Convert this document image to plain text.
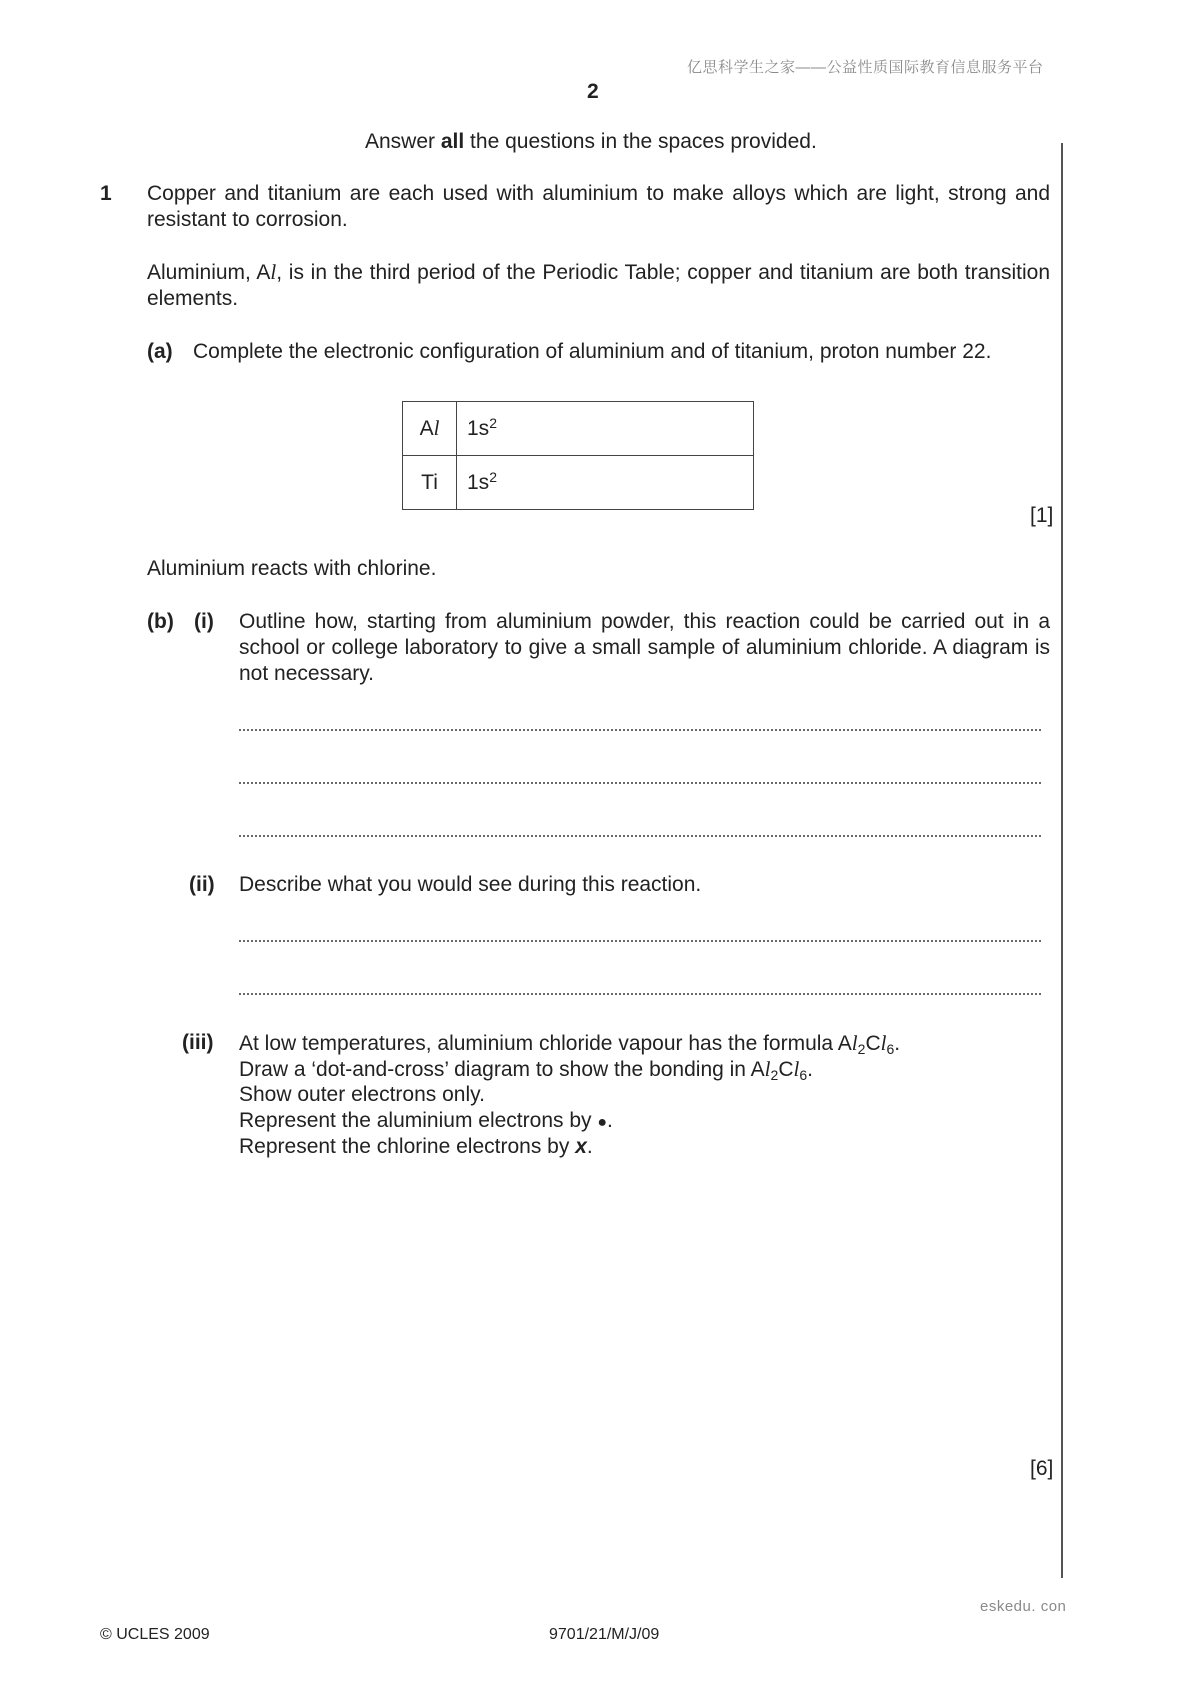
亿思科学生之家——公益性质国际教育信息服务平台
2
Answer all the questions in the spaces provided.
1 Copper and titanium are each used with aluminium to make alloys which are light, strong and resistant to corrosion.
Aluminium, Al, is in the third period of the Periodic Table; copper and titanium are both transition elements.
(a) Complete the electronic configuration of aluminium and of titanium, proton number 22.
Al	$1s^2$
Ti	$1s^2$
[1]
Aluminium reacts with chlorine.
(b) (i) Outline how, starting from aluminium powder, this reaction could be carried out in a school or college laboratory to give a small sample of aluminium chloride. A diagram is not necessary.
(ii) Describe what you would see during this reaction.
(iii) At low temperatures, aluminium chloride vapour has the formula $Al_2Cl_6$.
Draw a ‘dot-and-cross’ diagram to show the bonding in $Al_2Cl_6$.
Show outer electrons only.
Represent the aluminium electrons by ●.
Represent the chlorine electrons by x.
[6]
eskedu. con
© UCLES 2009	9701/21/M/J/09
